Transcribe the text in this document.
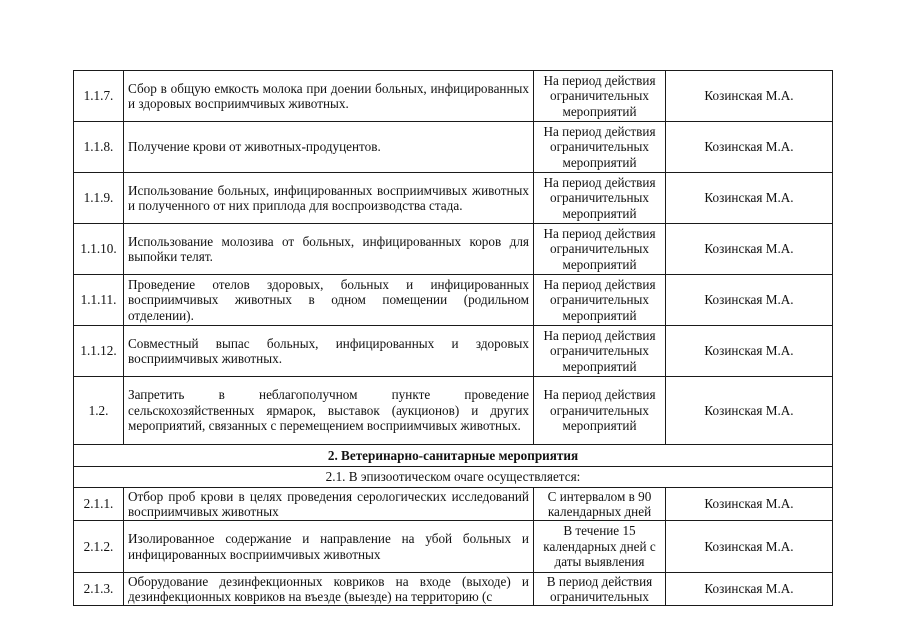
1.1.7.	Сбор в общую емкость молока при доении больных, инфицированных и здоровых восприимчивых животных.	На период действия ограничительных мероприятий	Козинская М.А.
1.1.8.	Получение крови от животных-продуцентов.	На период действия ограничительных мероприятий	Козинская М.А.
1.1.9.	Использование больных, инфицированных восприимчивых животных и полученного от них приплода для воспроизводства стада.	На период действия ограничительных мероприятий	Козинская М.А.
1.1.10.	Использование молозива от больных, инфицированных коров для выпойки телят.	На период действия ограничительных мероприятий	Козинская М.А.
1.1.11.	Проведение отелов здоровых, больных и инфицированных восприимчивых животных в одном помещении (родильном отделении).	На период действия ограничительных мероприятий	Козинская М.А.
1.1.12.	Совместный выпас больных, инфицированных и здоровых восприимчивых животных.	На период действия ограничительных мероприятий	Козинская М.А.
1.2.	Запретить в неблагополучном пункте проведение сельскохозяйственных ярмарок, выставок (аукционов) и других мероприятий, связанных с перемещением восприимчивых животных.	На период действия ограничительных мероприятий	Козинская М.А.
2. Ветеринарно-санитарные мероприятия			
2.1. В эпизоотическом очаге осуществляется:			
2.1.1.	Отбор проб крови в целях проведения серологических исследований восприимчивых животных	С интервалом в 90 календарных дней	Козинская М.А.
2.1.2.	Изолированное содержание и направление на убой больных и инфицированных восприимчивых животных	В течение 15 календарных дней с даты выявления	Козинская М.А.
2.1.3.	Оборудование дезинфекционных ковриков на входе (выходе) и дезинфекционных ковриков на въезде (выезде) на территорию (с	В период действия ограничительных	Козинская М.А.
